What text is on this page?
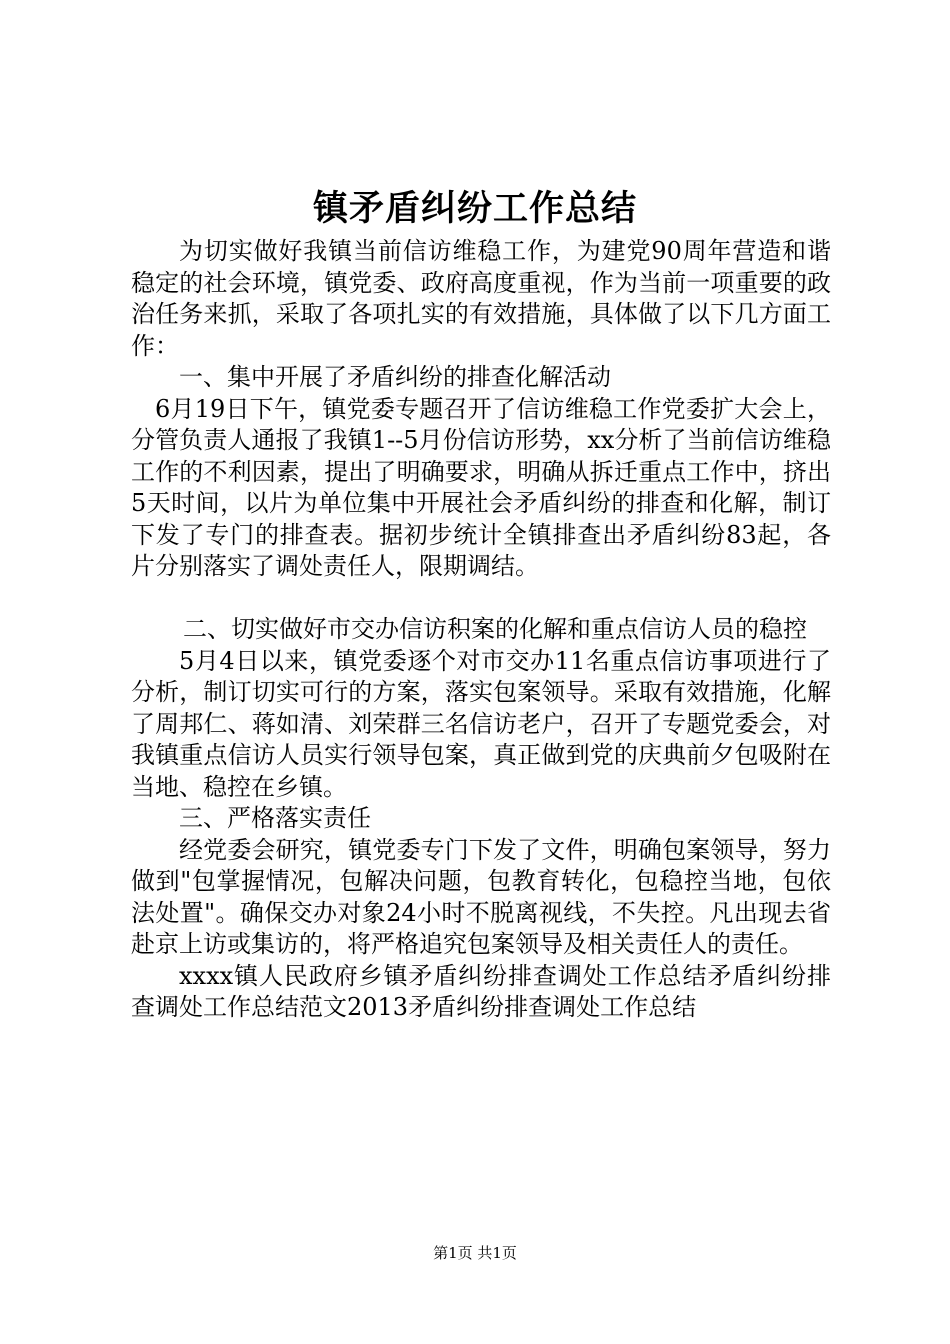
镇矛盾纠纷工作总结

为切实做好我镇当前信访维稳工作，为建党90周年营造和谐稳定的社会环境，镇党委、政府高度重视，作为当前一项重要的政治任务来抓，采取了各项扎实的有效措施，具体做了以下几方面工作：

一、集中开展了矛盾纠纷的排查化解活动

6月19日下午，镇党委专题召开了信访维稳工作党委扩大会上，分管负责人通报了我镇1--5月份信访形势，xx分析了当前信访维稳工作的不利因素，提出了明确要求，明确从拆迁重点工作中，挤出5天时间，以片为单位集中开展社会矛盾纠纷的排查和化解，制订下发了专门的排查表。据初步统计全镇排查出矛盾纠纷83起，各片分别落实了调处责任人，限期调结。

二、切实做好市交办信访积案的化解和重点信访人员的稳控

5月4日以来，镇党委逐个对市交办11名重点信访事项进行了分析，制订切实可行的方案，落实包案领导。采取有效措施，化解了周邦仁、蒋如清、刘荣群三名信访老户，召开了专题党委会，对我镇重点信访人员实行领导包案，真正做到党的庆典前夕包吸附在当地、稳控在乡镇。

三、严格落实责任

经党委会研究，镇党委专门下发了文件，明确包案领导，努力做到"包掌握情况，包解决问题，包教育转化，包稳控当地，包依法处置"。确保交办对象24小时不脱离视线，不失控。凡出现去省赴京上访或集访的，将严格追究包案领导及相关责任人的责任。

xxxx镇人民政府乡镇矛盾纠纷排查调处工作总结矛盾纠纷排查调处工作总结范文2013矛盾纠纷排查调处工作总结

第1页 共1页
